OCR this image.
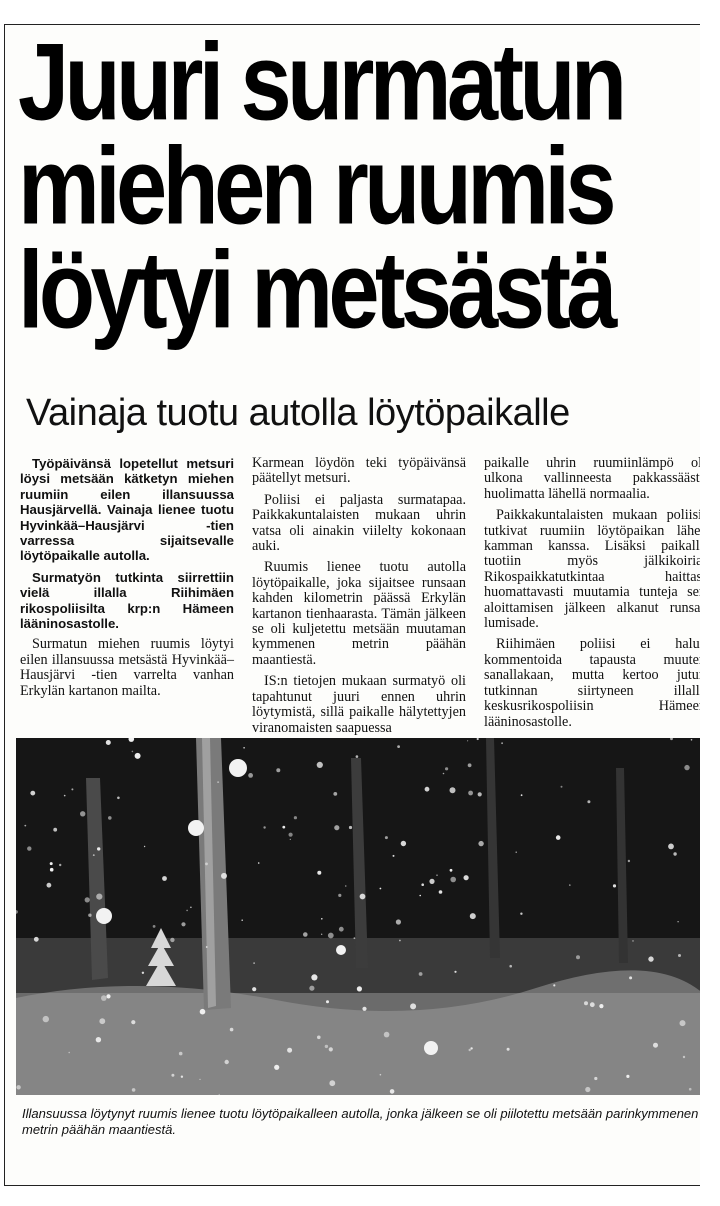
Juuri surmatun
miehen ruumis
löytyi metsästä
Vainaja tuotu autolla löytöpaikalle

Työpäivänsä lopetellut metsuri löysi metsään kätketyn miehen ruumiin eilen illansuussa Hausjärvellä. Vainaja lienee tuotu Hyvinkää–Hausjärvi -tien varressa sijaitsevalle löytöpaikalle autolla.

Surmatyön tutkinta siirrettiin vielä illalla Riihimäen rikospoliisilta krp:n Hämeen lääninosastolle.

Surmatun miehen ruumis löytyi eilen illansuussa metsästä Hyvinkää–Hausjärvi -tien varrelta vanhan Erkylän kartanon mailta.

Karmean löydön teki työpäivänsä päätellyt metsuri.

Poliisi ei paljasta surmatapaa. Paikkakuntalaisten mukaan uhrin vatsa oli ainakin viilelty kokonaan auki.

Ruumis lienee tuotu autolla löytöpaikalle, joka sijaitsee runsaan kahden kilometrin päässä Erkylän kartanon tienhaarasta. Tämän jälkeen se oli kuljetettu metsään muutaman kymmenen metrin päähän maantiestä.

IS:n tietojen mukaan surmatyö oli tapahtunut juuri ennen uhrin löytymistä, sillä paikalle hälytettyjen viranomaisten saapuessa

paikalle uhrin ruumiinlämpö oli ulkona vallinneesta pakkassäästä huolimatta lähellä normaalia.

Paikkakuntalaisten mukaan poliisit tutkivat ruumiin löytöpaikan lähes kamman kanssa. Lisäksi paikalle tuotiin myös jälkikoiria. Rikospaikkatutkintaa haittasi huomattavasti muutamia tunteja sen aloittamisen jälkeen alkanut runsas lumisade.

Riihimäen poliisi ei halua kommentoida tapausta muuten sanallakaan, mutta kertoo jutun tutkinnan siirtyneen illalla keskusrikospoliisin Hämeen lääninosastolle.

Illansuussa löytynyt ruumis lienee tuotu löytöpaikalleen autolla, jonka jälkeen se oli piilotettu metsään parinkymmenen metrin päähän maantiestä.
